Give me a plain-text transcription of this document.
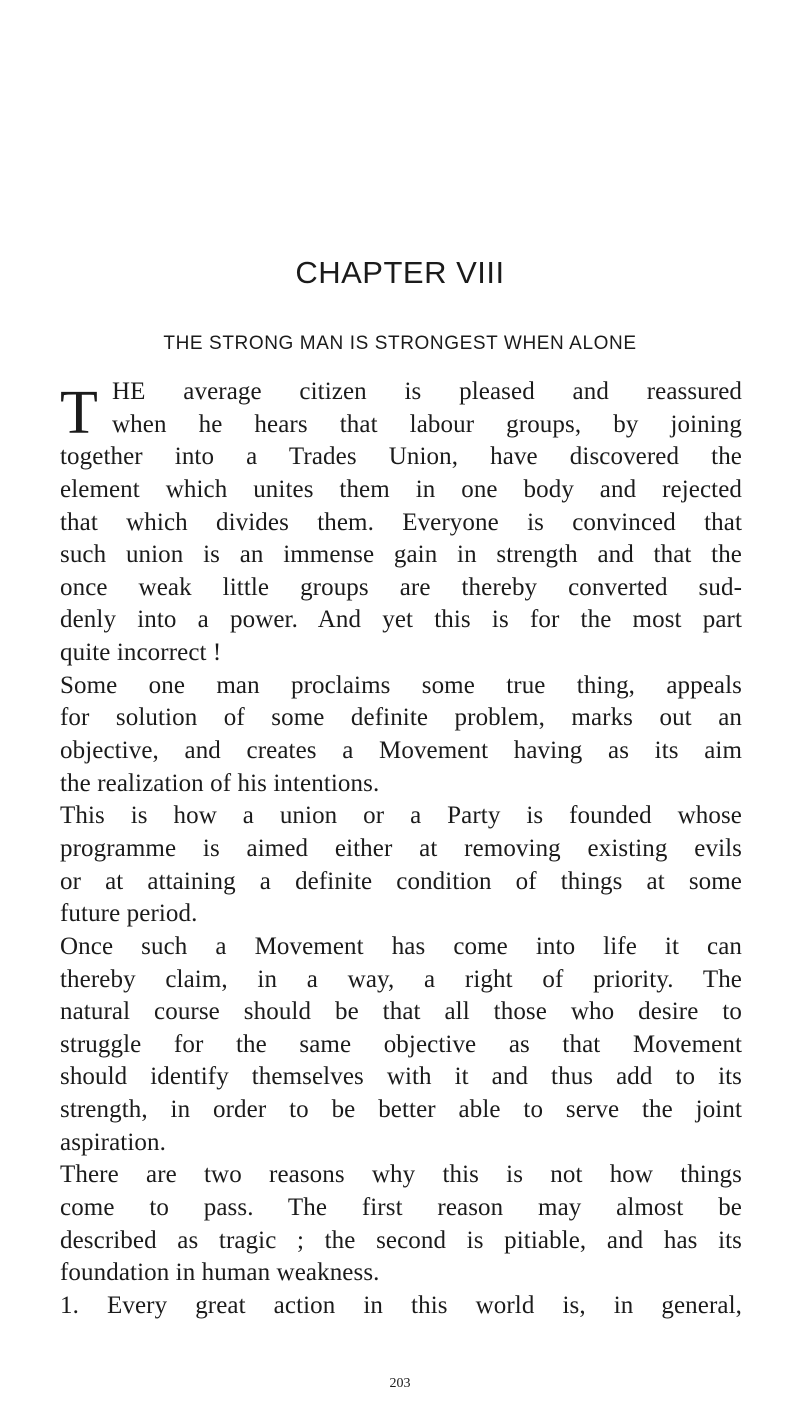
CHAPTER VIII
THE STRONG MAN IS STRONGEST WHEN ALONE
T HE average citizen is pleased and reassured
when he hears that labour groups, by joining
together into a Trades Union, have discovered the
element which unites them in one body and rejected
that which divides them. Everyone is convinced that
such union is an immense gain in strength and that the
once weak little groups are thereby converted sud-
denly into a power. And yet this is for the most part
quite incorrect !
Some one man proclaims some true thing, appeals
for solution of some definite problem, marks out an
objective, and creates a Movement having as its aim
the realization of his intentions.
This is how a union or a Party is founded whose
programme is aimed either at removing existing evils
or at attaining a definite condition of things at some
future period.
Once such a Movement has come into life it can
thereby claim, in a way, a right of priority. The
natural course should be that all those who desire to
struggle for the same objective as that Movement
should identify themselves with it and thus add to its
strength, in order to be better able to serve the joint
aspiration.
There are two reasons why this is not how things
come to pass. The first reason may almost be
described as tragic ; the second is pitiable, and has its
foundation in human weakness.
1. Every great action in this world is, in general,
203
